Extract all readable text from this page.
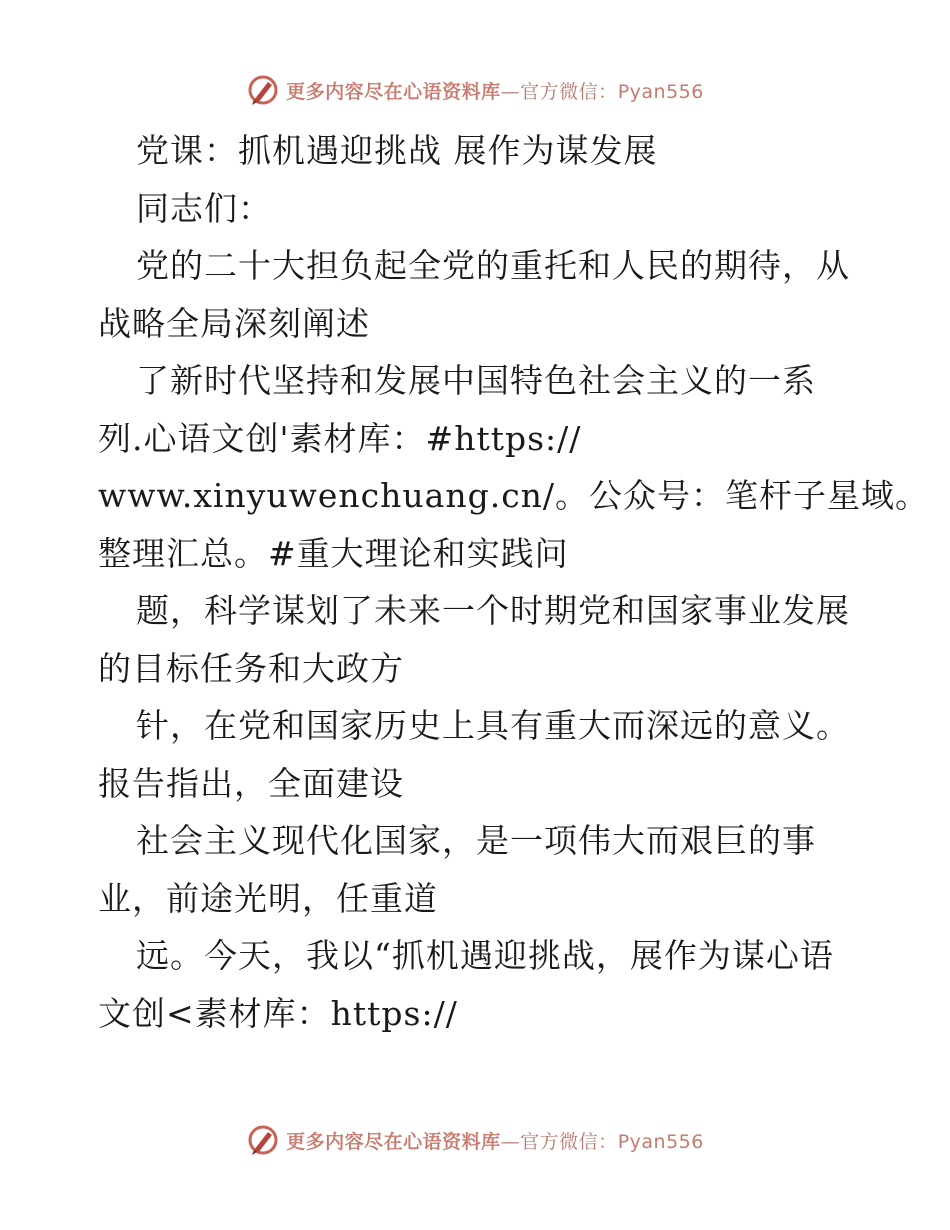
更多内容尽在心语资料库—官方微信：Pyan556
党课：抓机遇迎挑战 展作为谋发展
同志们：
党的二十大担负起全党的重托和人民的期待，从
战略全局深刻阐述
了新时代坚持和发展中国特色社会主义的一系
列.心语文创'素材库：#https://
www.xinyuwenchuang.cn/。公众号：笔杆子星域。
整理汇总。#重大理论和实践问
题，科学谋划了未来一个时期党和国家事业发展
的目标任务和大政方
针，在党和国家历史上具有重大而深远的意义。
报告指出，全面建设
社会主义现代化国家，是一项伟大而艰巨的事
业，前途光明，任重道
远。今天，我以“抓机遇迎挑战，展作为谋心语
文创<素材库：https://
更多内容尽在心语资料库—官方微信：Pyan556
